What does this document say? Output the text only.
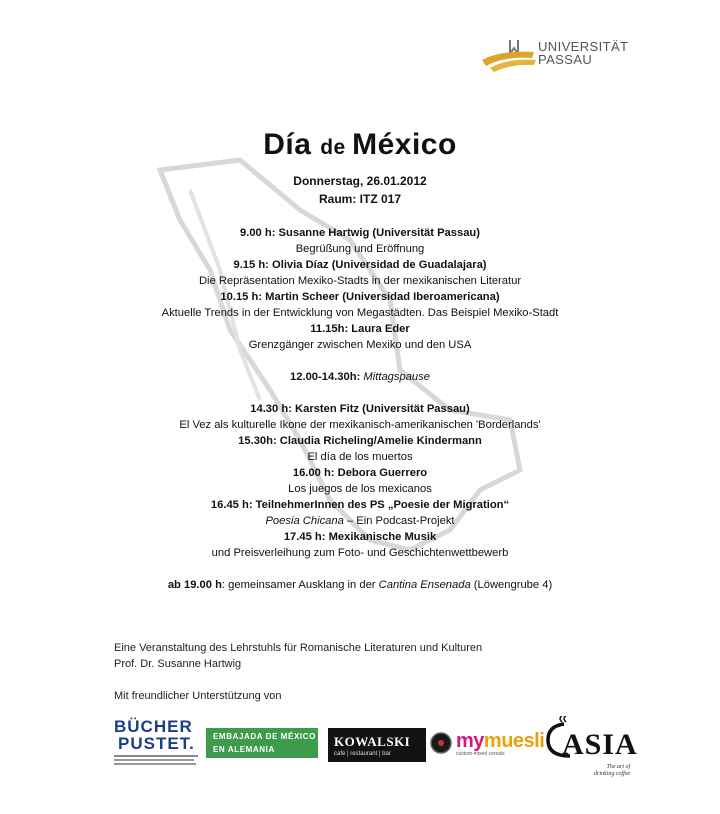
UNIVERSITÄT
PASSAU
Día de México
Donnerstag, 26.01.2012
Raum: ITZ 017
9.00 h: Susanne Hartwig (Universität Passau)
Begrüßung und Eröffnung
9.15 h: Olivia Díaz (Universidad de Guadalajara)
Die Repräsentation Mexiko-Stadts in der mexikanischen Literatur
10.15 h: Martin Scheer (Universidad Iberoamericana)
Aktuelle Trends in der Entwicklung von Megastädten. Das Beispiel Mexiko-Stadt
11.15h: Laura Eder
Grenzgänger zwischen Mexiko und den USA
12.00-14.30h: Mittagspause
14.30 h: Karsten Fitz (Universität Passau)
El Vez als kulturelle Ikone der mexikanisch-amerikanischen 'Borderlands'
15.30h: Claudia Richeling/Amelie Kindermann
El día de los muertos
16.00 h: Debora Guerrero
Los juegos de los mexicanos
16.45 h: TeilnehmerInnen des PS „Poesie der Migration“
Poesia Chicana – Ein Podcast-Projekt
17.45 h: Mexikanische Musik
und Preisverleihung zum Foto- und Geschichtenwettbewerb
ab 19.00 h: gemeinsamer Ausklang in der Cantina Ensenada (Löwengrube 4)
Eine Veranstaltung des Lehrstuhls für Romanische Literaturen und Kulturen
Prof. Dr. Susanne Hartwig
Mit freundlicher Unterstützung von
BÜCHER
PUSTET.	EMBAJADA DE MÉXICO
EN ALEMANIA
KOWALSKI
cafe | restaurant | bar
mymuesli
custom-mixed cereals	ASIA
The art of
drinking coffee
